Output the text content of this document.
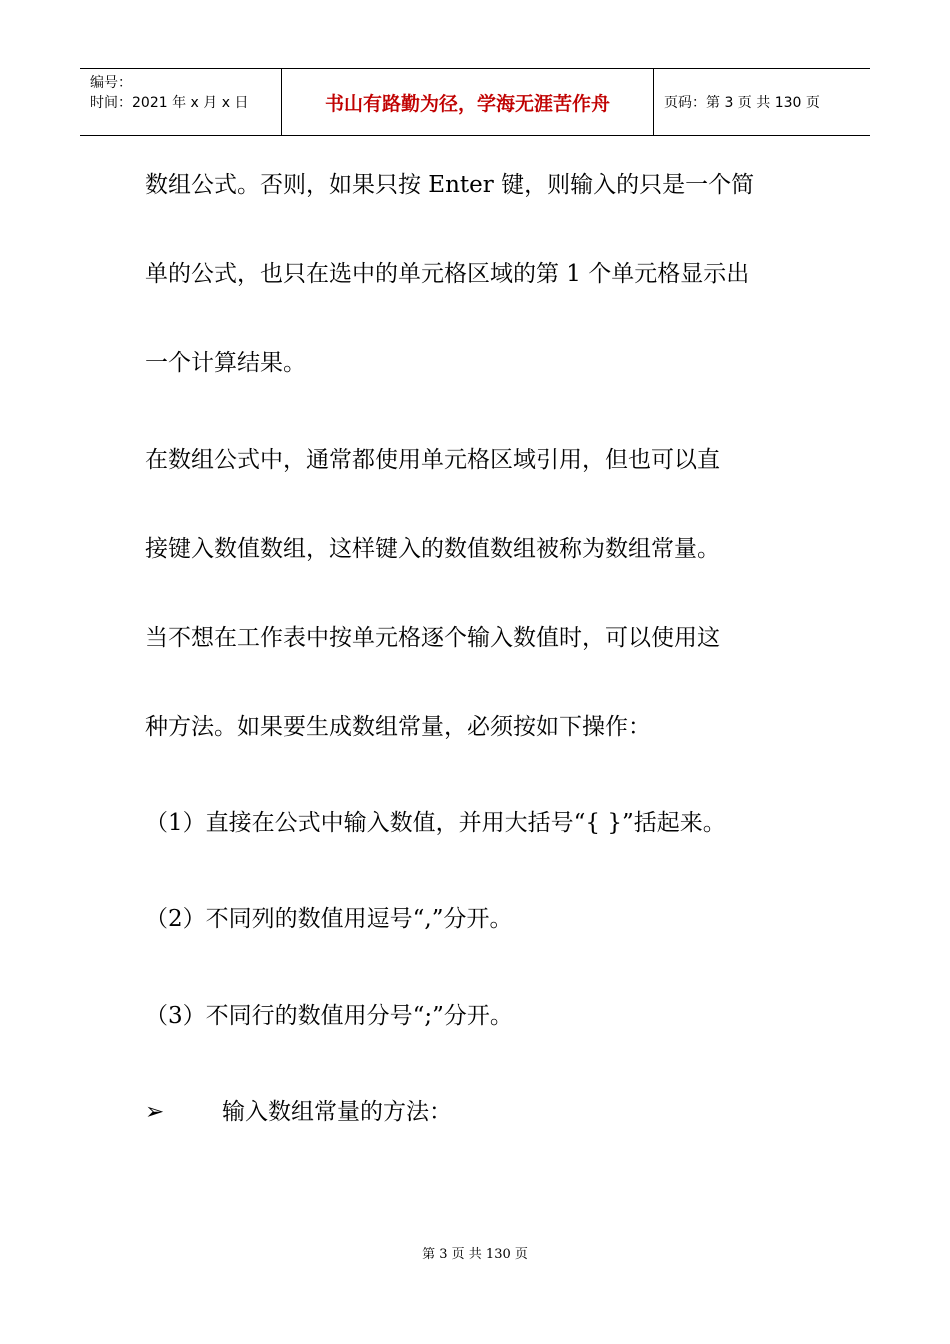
编号：
时间：2021 年 x 月 x 日	书山有路勤为径，学海无涯苦作舟	页码：第 3 页 共 130 页
数组公式。否则，如果只按 Enter 键，则输入的只是一个简
单的公式，也只在选中的单元格区域的第 1 个单元格显示出
一个计算结果。
在数组公式中，通常都使用单元格区域引用，但也可以直
接键入数值数组，这样键入的数值数组被称为数组常量。
当不想在工作表中按单元格逐个输入数值时，可以使用这
种方法。如果要生成数组常量，必须按如下操作：
（1）直接在公式中输入数值，并用大括号“{ }”括起来。
（2）不同列的数值用逗号“,”分开。
（3）不同行的数值用分号“;”分开。
➢	输入数组常量的方法：
第 3 页 共 130 页
